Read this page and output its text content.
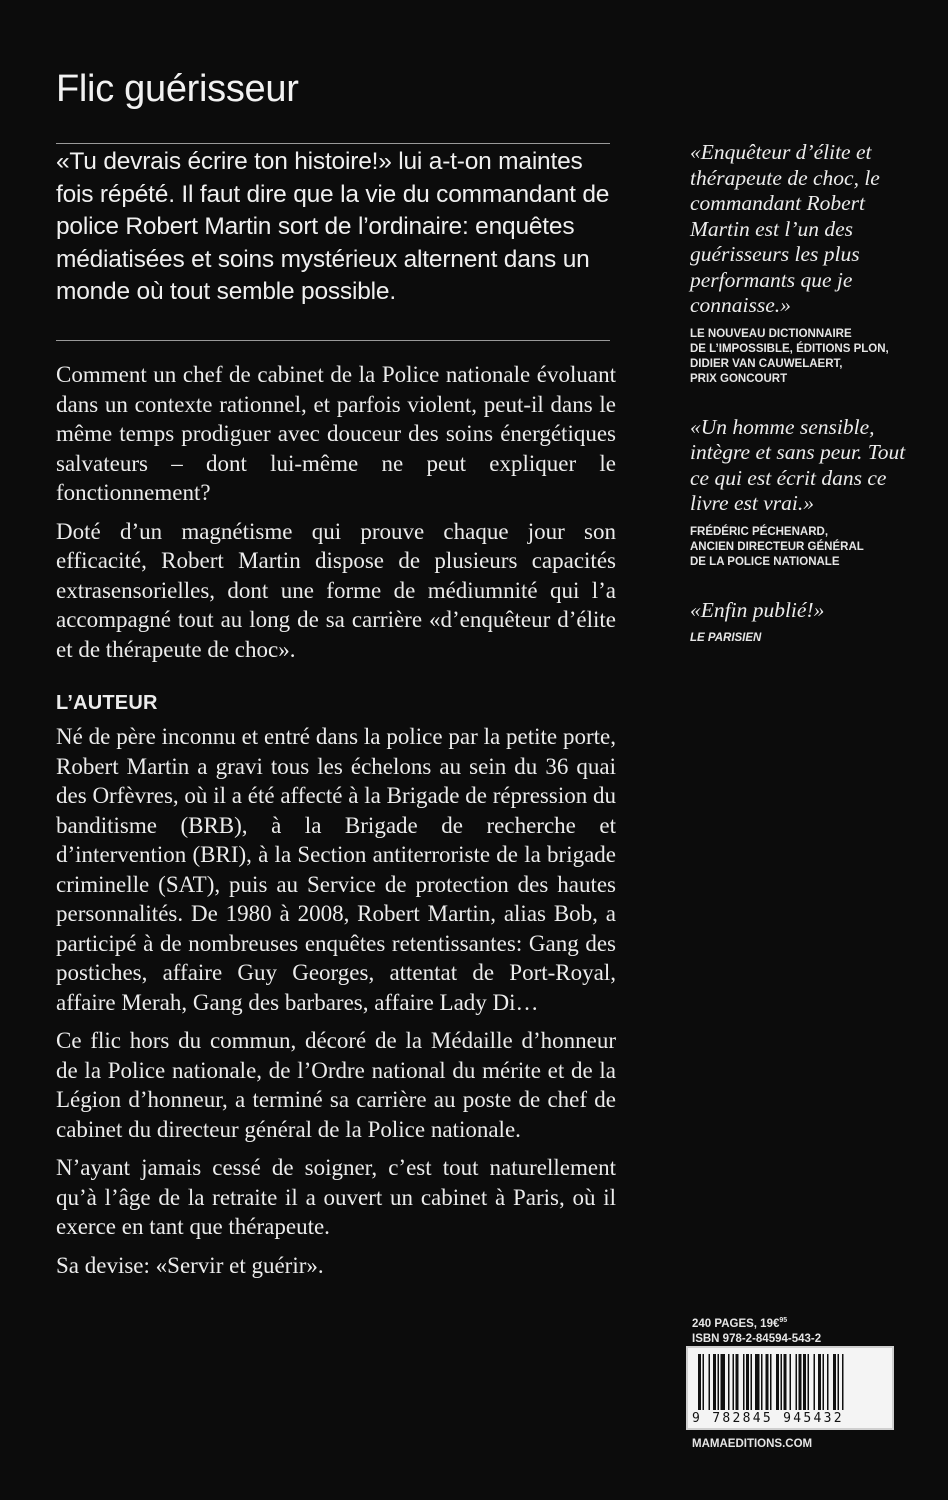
Flic guérisseur

«Tu devrais écrire ton histoire!» lui a-t-on maintes fois répété. Il faut dire que la vie du commandant de police Robert Martin sort de l’ordinaire: enquêtes médiatisées et soins mystérieux alternent dans un monde où tout semble possible.

Comment un chef de cabinet de la Police nationale évoluant dans un contexte rationnel, et parfois violent, peut-il dans le même temps prodiguer avec douceur des soins énergétiques salvateurs – dont lui-même ne peut expliquer le fonctionnement?

Doté d’un magnétisme qui prouve chaque jour son efficacité, Robert Martin dispose de plusieurs capacités extrasensorielles, dont une forme de médiumnité qui l’a accompagné tout au long de sa carrière «d’enquêteur d’élite et de thérapeute de choc».

L’AUTEUR

Né de père inconnu et entré dans la police par la petite porte, Robert Martin a gravi tous les échelons au sein du 36 quai des Orfèvres, où il a été affecté à la Brigade de répression du banditisme (BRB), à la Brigade de recherche et d’intervention (BRI), à la Section antiterroriste de la brigade criminelle (SAT), puis au Service de protection des hautes personnalités. De 1980 à 2008, Robert Martin, alias Bob, a participé à de nombreuses enquêtes retentissantes: Gang des postiches, affaire Guy Georges, attentat de Port-Royal, affaire Merah, Gang des barbares, affaire Lady Di…

Ce flic hors du commun, décoré de la Médaille d’honneur de la Police nationale, de l’Ordre national du mérite et de la Légion d’honneur, a terminé sa carrière au poste de chef de cabinet du directeur général de la Police nationale.

N’ayant jamais cessé de soigner, c’est tout naturellement qu’à l’âge de la retraite il a ouvert un cabinet à Paris, où il exerce en tant que thérapeute.

Sa devise: «Servir et guérir».

«Enquêteur d’élite et thérapeute de choc, le commandant Robert Martin est l’un des guérisseurs les plus performants que je connaisse.»

LE NOUVEAU DICTIONNAIRE
DE L’IMPOSSIBLE, ÉDITIONS PLON,
DIDIER VAN CAUWELAERT,
PRIX GONCOURT

«Un homme sensible, intègre et sans peur. Tout ce qui est écrit dans ce livre est vrai.»

FRÉDÉRIC PÉCHENARD,
ANCIEN DIRECTEUR GÉNÉRAL
DE LA POLICE NATIONALE

«Enfin publié!»

LE PARISIEN
240 PAGES, 19€$^{95}$
ISBN 978-2-84594-543-2
9 782845 945432
MAMAEDITIONS.COM
